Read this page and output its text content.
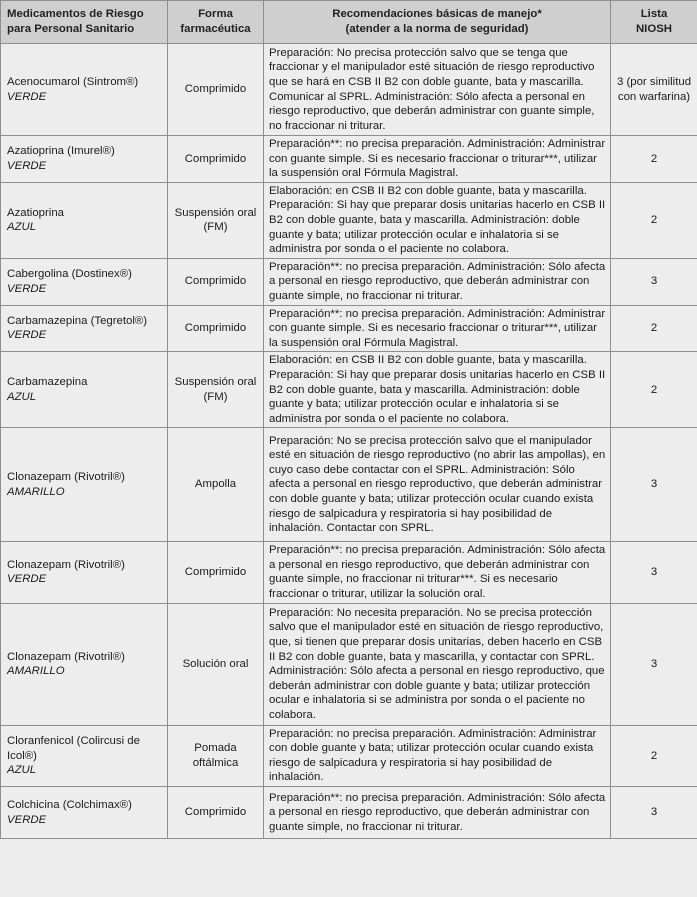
Medicamentos de Riesgo
para Personal Sanitario	Forma
farmacéutica	Recomendaciones básicas de manejo*
(atender a la norma de seguridad)	Lista
NIOSH

Acenocumarol (Sintrom®)
VERDE	Comprimido	Preparación: No precisa protección salvo que se tenga que fraccionar y el manipulador esté situación de riesgo reproductivo que se hará en CSB II B2 con doble guante, bata y mascarilla. Comunicar al SPRL. Administración: Sólo afecta a personal en riesgo reproductivo, que deberán administrar con guante simple, no fraccionar ni triturar.	3 (por similitud con warfarina)

Azatioprina (Imurel®)
VERDE	Comprimido	Preparación**: no precisa preparación. Administración: Administrar con guante simple. Si es necesario fraccionar o triturar***, utilizar la suspensión oral Fórmula Magistral.	2

Azatioprina
AZUL	Suspensión oral (FM)	Elaboración: en CSB II B2 con doble guante, bata y mascarilla. Preparación: Si hay que preparar dosis unitarias hacerlo en CSB II B2 con doble guante, bata y mascarilla. Administración: doble guante y bata; utilizar protección ocular e inhalatoria si se administra por sonda o el paciente no colabora.	2

Cabergolina (Dostinex®)
VERDE	Comprimido	Preparación**: no precisa preparación. Administración: Sólo afecta a personal en riesgo reproductivo, que deberán administrar con guante simple, no fraccionar ni triturar.	3

Carbamazepina (Tegretol®)
VERDE	Comprimido	Preparación**: no precisa preparación. Administración: Administrar con guante simple. Si es necesario fraccionar o triturar***, utilizar la suspensión oral Fórmula Magistral.	2

Carbamazepina
AZUL	Suspensión oral (FM)	Elaboración: en CSB II B2 con doble guante, bata y mascarilla. Preparación: Si hay que preparar dosis unitarias hacerlo en CSB II B2 con doble guante, bata y mascarilla. Administración: doble guante y bata; utilizar protección ocular e inhalatoria si se administra por sonda o el paciente no colabora.	2

Clonazepam (Rivotril®)
AMARILLO	Ampolla	Preparación: No se precisa protección salvo que el manipulador esté en situación de riesgo reproductivo (no abrir las ampollas), en cuyo caso debe contactar con el SPRL. Administración: Sólo afecta a personal en riesgo reproductivo, que deberán administrar con doble guante y bata; utilizar protección ocular cuando exista riesgo de salpicadura y respiratoria si hay posibilidad de inhalación. Contactar con SPRL.	3

Clonazepam (Rivotril®)
VERDE	Comprimido	Preparación**: no precisa preparación. Administración: Sólo afecta a personal en riesgo reproductivo, que deberán administrar con guante simple, no fraccionar ni triturar***. Si es necesario fraccionar o triturar, utilizar la solución oral.	3

Clonazepam (Rivotril®)
AMARILLO	Solución oral	Preparación: No necesita preparación. No se precisa protección salvo que el manipulador esté en situación de riesgo reproductivo, que, si tienen que preparar dosis unitarias, deben hacerlo en CSB II B2 con doble guante, bata y mascarilla, y contactar con SPRL. Administración: Sólo afecta a personal en riesgo reproductivo, que deberán administrar con doble guante y bata; utilizar protección ocular e inhalatoria si se administra por sonda o el paciente no colabora.	3

Cloranfenicol (Colircusi de Icol®)
AZUL	Pomada oftálmica	Preparación: no precisa preparación. Administración: Administrar con doble guante y bata; utilizar protección ocular cuando exista riesgo de salpicadura y respiratoria si hay posibilidad de inhalación.	2

Colchicina (Colchimax®)
VERDE	Comprimido	Preparación**: no precisa preparación. Administración: Sólo afecta a personal en riesgo reproductivo, que deberán administrar con guante simple, no fraccionar ni triturar.	3
